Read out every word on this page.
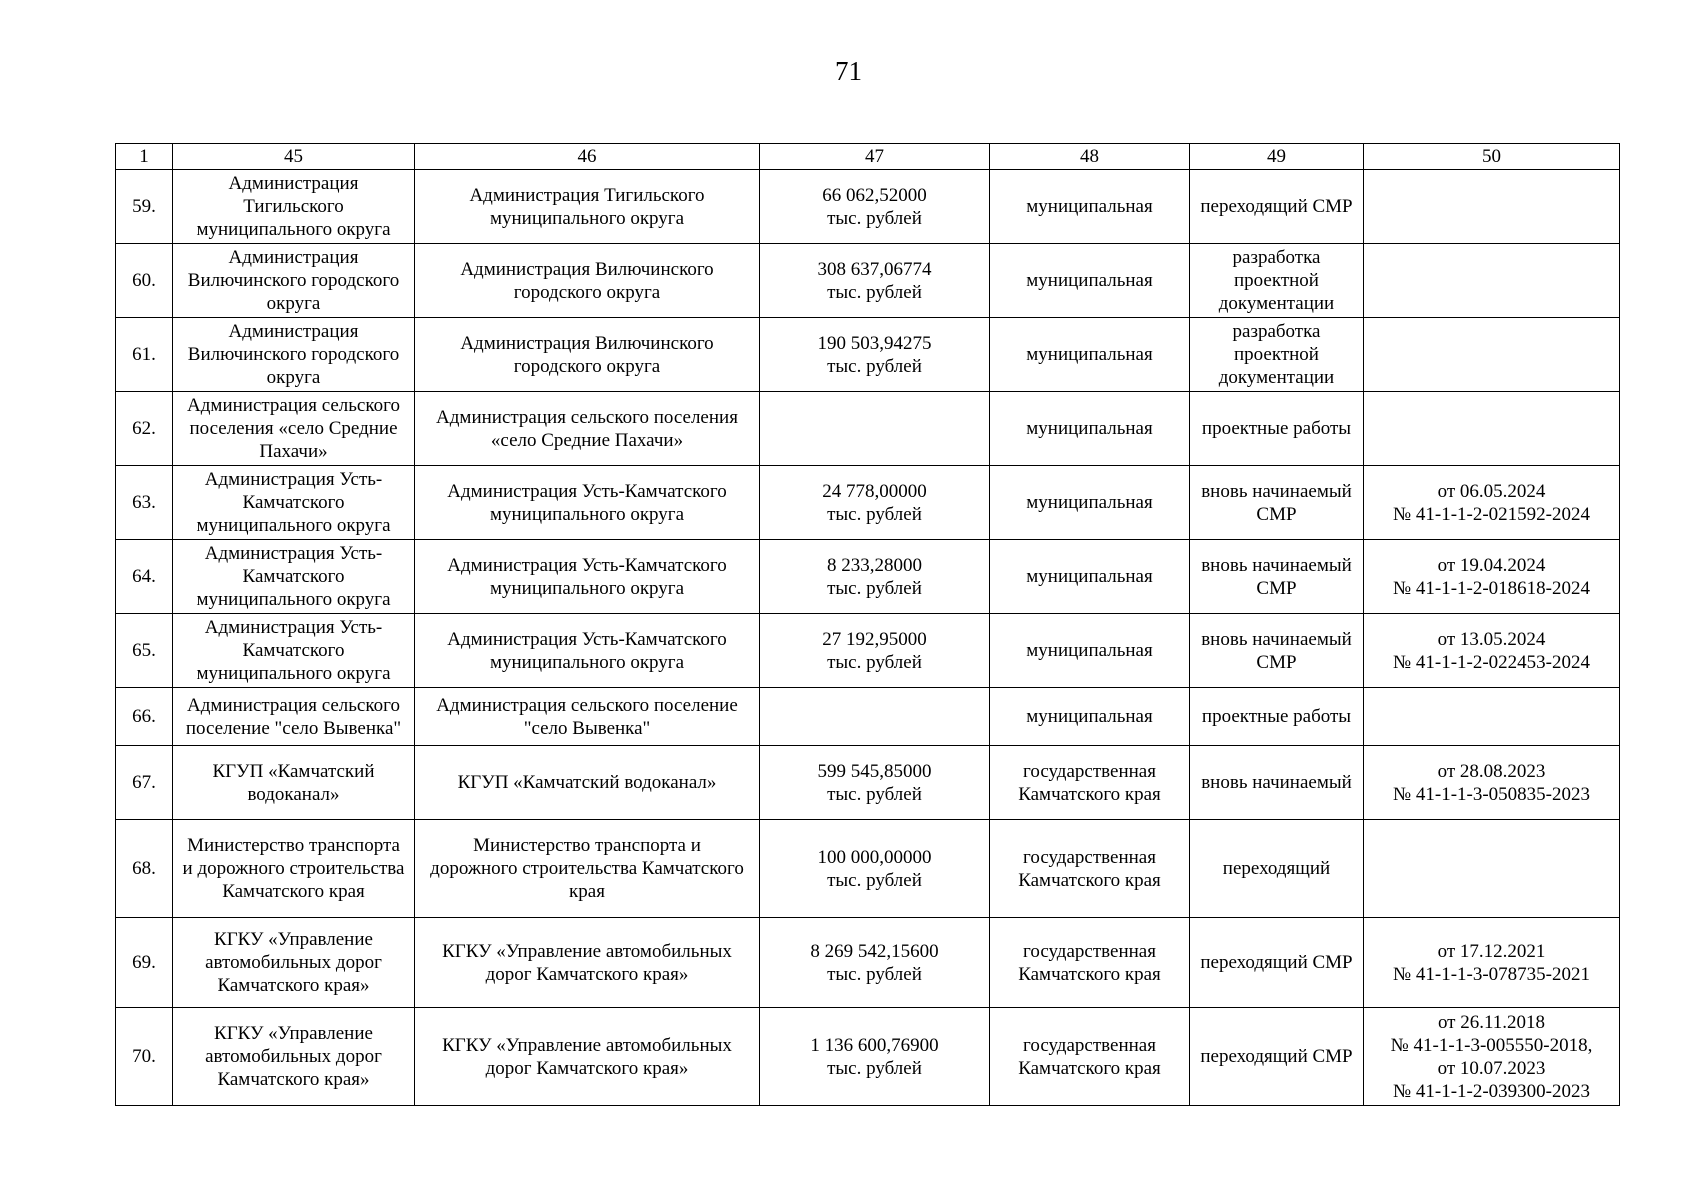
71
1	45	46	47	48	49	50
59.	Администрация
Тигильского
муниципального округа	Администрация Тигильского
муниципального округа	66 062,52000
тыс. рублей	муниципальная	переходящий СМР	

60.	Администрация
Вилючинского городского
округа	Администрация Вилючинского
городского округа	308 637,06774
тыс. рублей	муниципальная	разработка
проектной
документации	

61.	Администрация
Вилючинского городского
округа	Администрация Вилючинского
городского округа	190 503,94275
тыс. рублей	муниципальная	разработка
проектной
документации	

62.	Администрация сельского
поселения «село Средние
Пахачи»	Администрация сельского поселения
«село Средние Пахачи»		муниципальная	проектные работы	

63.	Администрация Усть-
Камчатского
муниципального округа	Администрация Усть-Камчатского
муниципального округа	24 778,00000
тыс. рублей	муниципальная	вновь начинаемый
СМР	от 06.05.2024
№ 41-1-1-2-021592-2024

64.	Администрация Усть-
Камчатского
муниципального округа	Администрация Усть-Камчатского
муниципального округа	8 233,28000
тыс. рублей	муниципальная	вновь начинаемый
СМР	от 19.04.2024
№ 41-1-1-2-018618-2024

65.	Администрация Усть-
Камчатского
муниципального округа	Администрация Усть-Камчатского
муниципального округа	27 192,95000
тыс. рублей	муниципальная	вновь начинаемый
СМР	от 13.05.2024
№ 41-1-1-2-022453-2024

66.	Администрация сельского
поселение "село Вывенка"	Администрация сельского поселение
"село Вывенка"		муниципальная	проектные работы	

67.	КГУП «Камчатский
водоканал»	КГУП «Камчатский водоканал»	599 545,85000
тыс. рублей	государственная
Камчатского края	вновь начинаемый	от 28.08.2023
№ 41-1-1-3-050835-2023

68.	Министерство транспорта
и дорожного строительства
Камчатского края	Министерство транспорта и
дорожного строительства Камчатского
края	100 000,00000
тыс. рублей	государственная
Камчатского края	переходящий	

69.	КГКУ «Управление
автомобильных дорог
Камчатского края»	КГКУ «Управление автомобильных
дорог Камчатского края»	8 269 542,15600
тыс. рублей	государственная
Камчатского края	переходящий СМР	от 17.12.2021
№ 41-1-1-3-078735-2021

70.	КГКУ «Управление
автомобильных дорог
Камчатского края»	КГКУ «Управление автомобильных
дорог Камчатского края»	1 136 600,76900
тыс. рублей	государственная
Камчатского края	переходящий СМР	от 26.11.2018
№ 41-1-1-3-005550-2018,
от 10.07.2023
№ 41-1-1-2-039300-2023
